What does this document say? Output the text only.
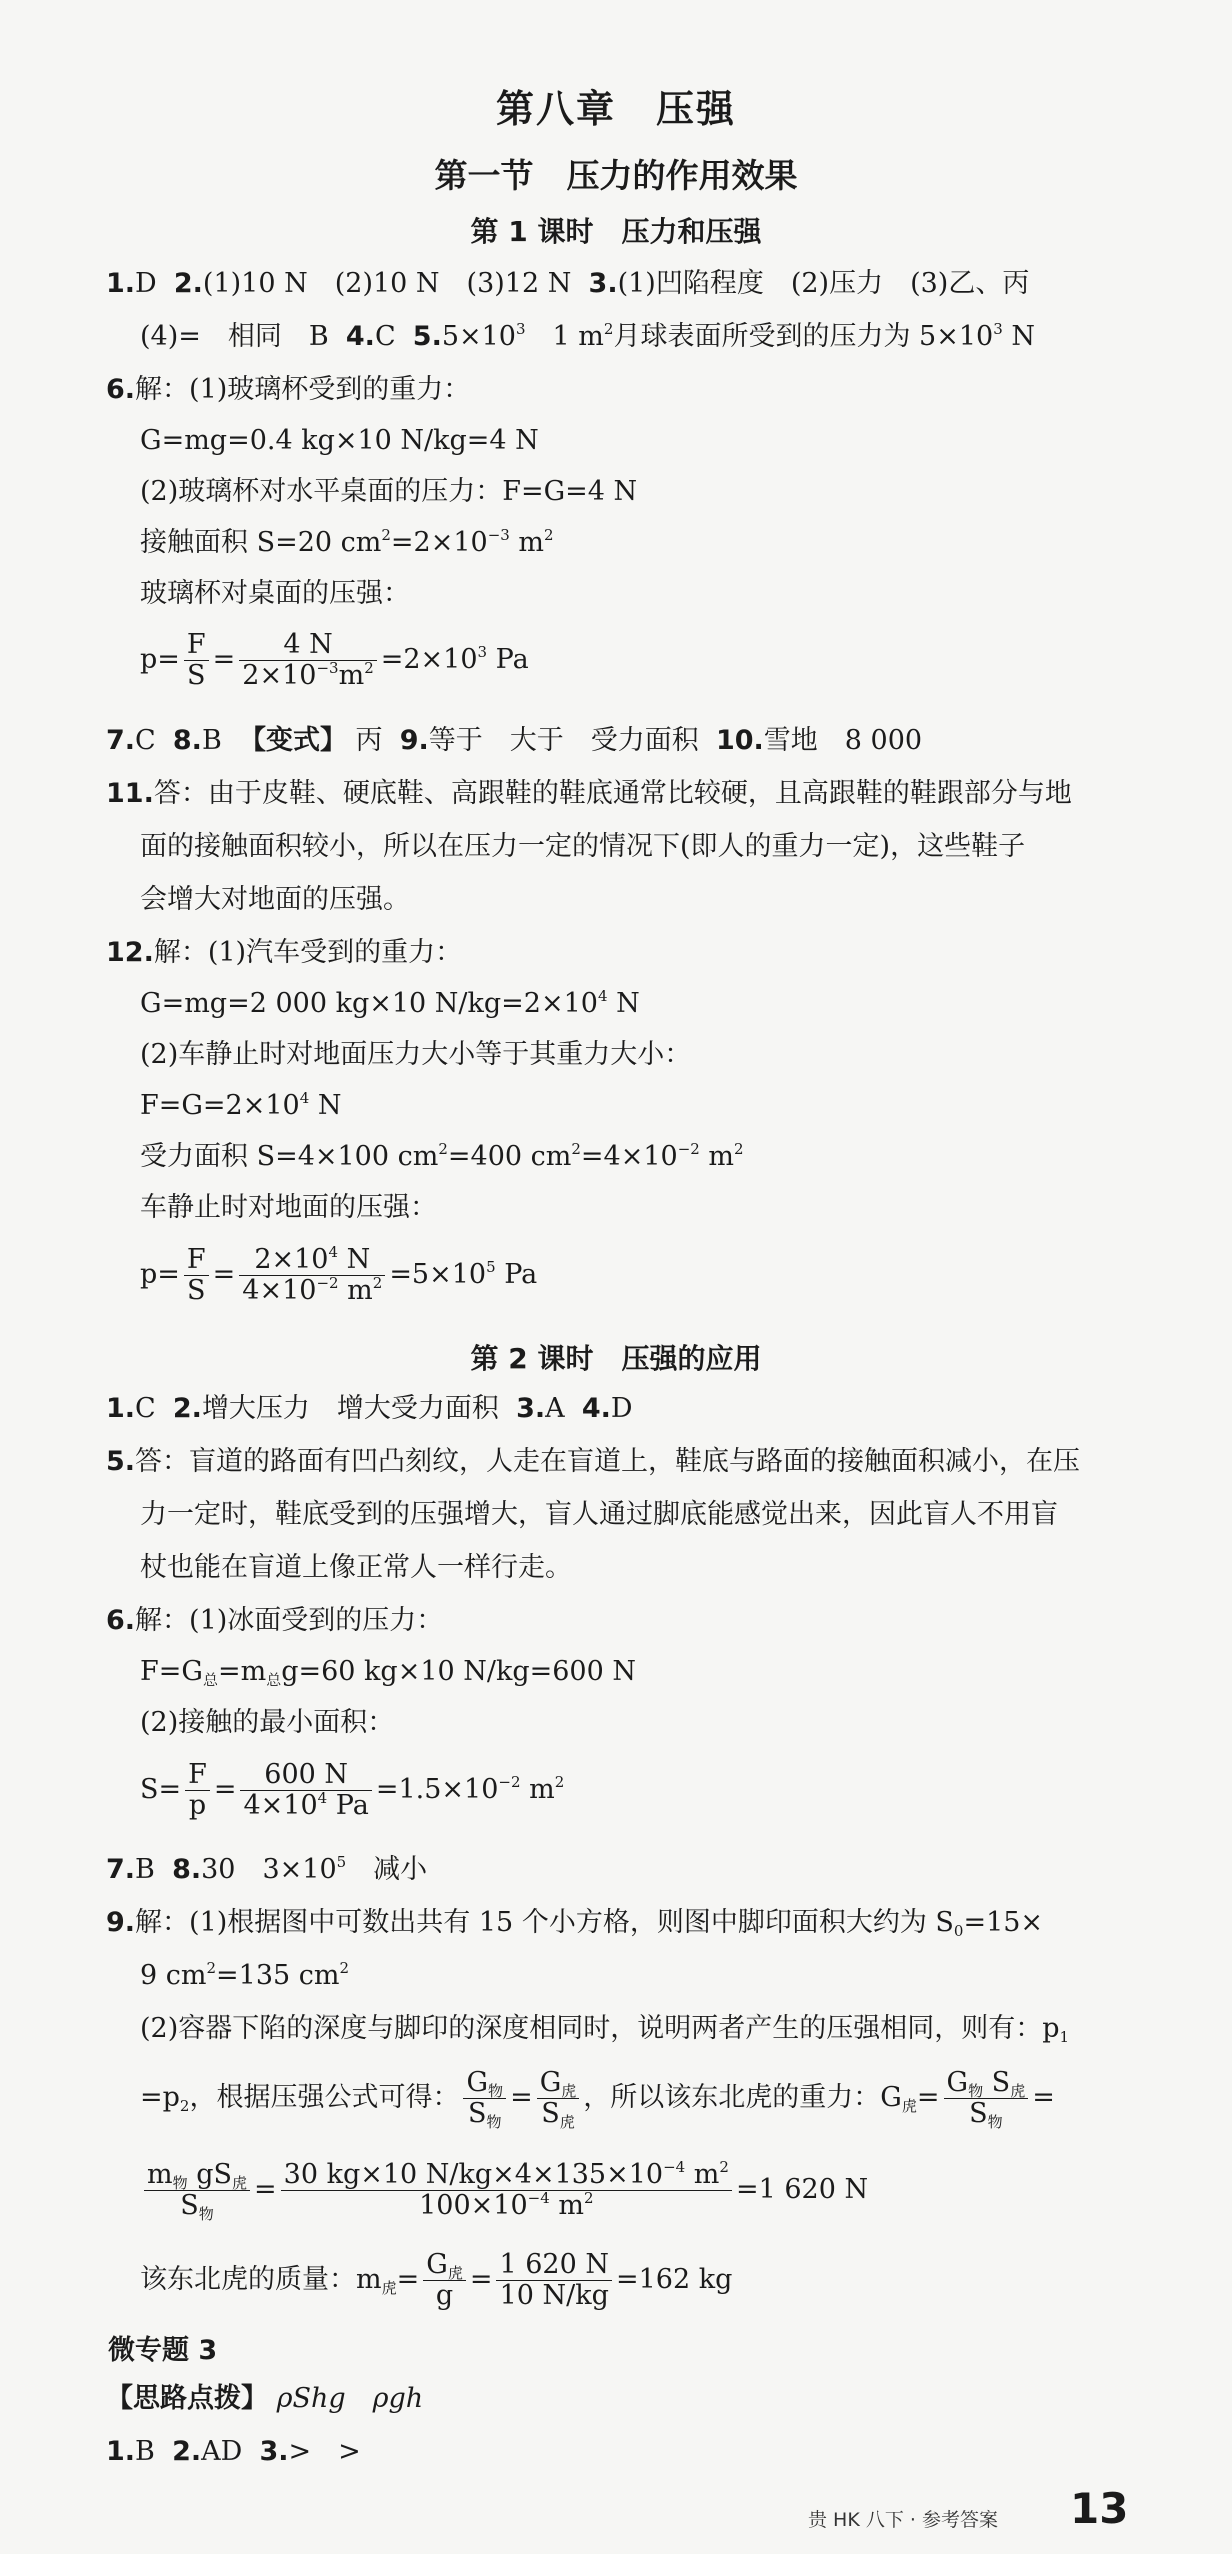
第八章　压强
第一节　压力的作用效果
第 1 课时　压力和压强
1.D 2.(1)10 N　(2)10 N　(3)12 N 3.(1)凹陷程度　(2)压力　(3)乙、丙
(4)=　相同　B 4.C $5.5\times 10^3$　1 $m^2$月球表面所受到的压力为 $5\times 10^3$ N
6.解：(1)玻璃杯受到的重力：
G=mg=0.4 kg×10 N/kg=4 N
(2)玻璃杯对水平桌面的压力：F=G=4 N
接触面积 S=20 $cm^2=2\times 10^{-3}$ $m^2$
玻璃杯对桌面的压强：
$p= \frac{F}{S} = \frac{4 N}{2\times 10^{-3}m^2} =2\times 10^3$ Pa
7.C 8.B 【变式】 丙 9.等于　大于　受力面积 10.雪地　8 000
11.答：由于皮鞋、硬底鞋、高跟鞋的鞋底通常比较硬，且高跟鞋的鞋跟部分与地
面的接触面积较小，所以在压力一定的情况下(即人的重力一定)，这些鞋子
会增大对地面的压强。
12.解：(1)汽车受到的重力：
G=mg=2 000 kg×10 $N/kg=2\times 10^4$ N
(2)车静止时对地面压力大小等于其重力大小：
$F=G=2\times 10^4$ N
受力面积 S=4×100 $cm^2=400$ $cm^2=4\times 10^{-2}$ $m^2$
车静止时对地面的压强：
$p= \frac{F}{S} = \frac{2\times 10^4 N}{4\times 10^{-2} m^2} =5\times 10^5$ Pa
第 2 课时　压强的应用
1.C 2.增大压力　增大受力面积 3.A 4.D
5.答：盲道的路面有凹凸刻纹，人走在盲道上，鞋底与路面的接触面积减小，在压
力一定时，鞋底受到的压强增大，盲人通过脚底能感觉出来，因此盲人不用盲
杖也能在盲道上像正常人一样行走。
6.解：(1)冰面受到的压力：
$F=G_总=m_总g=60$ kg×10 N/kg=600 N
(2)接触的最小面积：
$S= \frac{F}{p} = \frac{600 N}{4\times 10^4 Pa} =1.5\times 10^{-2}$ $m^2$
7.B 8.30　$3\times 10^5$　减小
9.解：(1)根据图中可数出共有 15 个小方格，则图中脚印面积大约为 $S_0=15\times$
9 $cm^2=135$ $cm^2$
(2)容器下陷的深度与脚印的深度相同时，说明两者产生的压强相同，则有：$p_1$
$=p_2$，根据压强公式可得： $\frac{G_物}{S_物} = \frac{G_虎}{S_虎}$ ，所以该东北虎的重力：$G_虎= \frac{G_物 S_虎}{S_物}$ =
$\frac{m_物 gS_虎}{S_物} = \frac{30 kg\times 10 N/kg\times 4\times 135\times 10^{-4} m^2}{100\times 10^{-4} m^2} =1$ 620 N
该东北虎的质量：$m_虎= \frac{G_虎}{g} = \frac{1 620 N}{10 N/kg} =162$ kg
微专题 3
【思路点拨】 ρShg　ρgh
1.B 2.AD 3.>　>
贵 HK 八下 · 参考答案 13
